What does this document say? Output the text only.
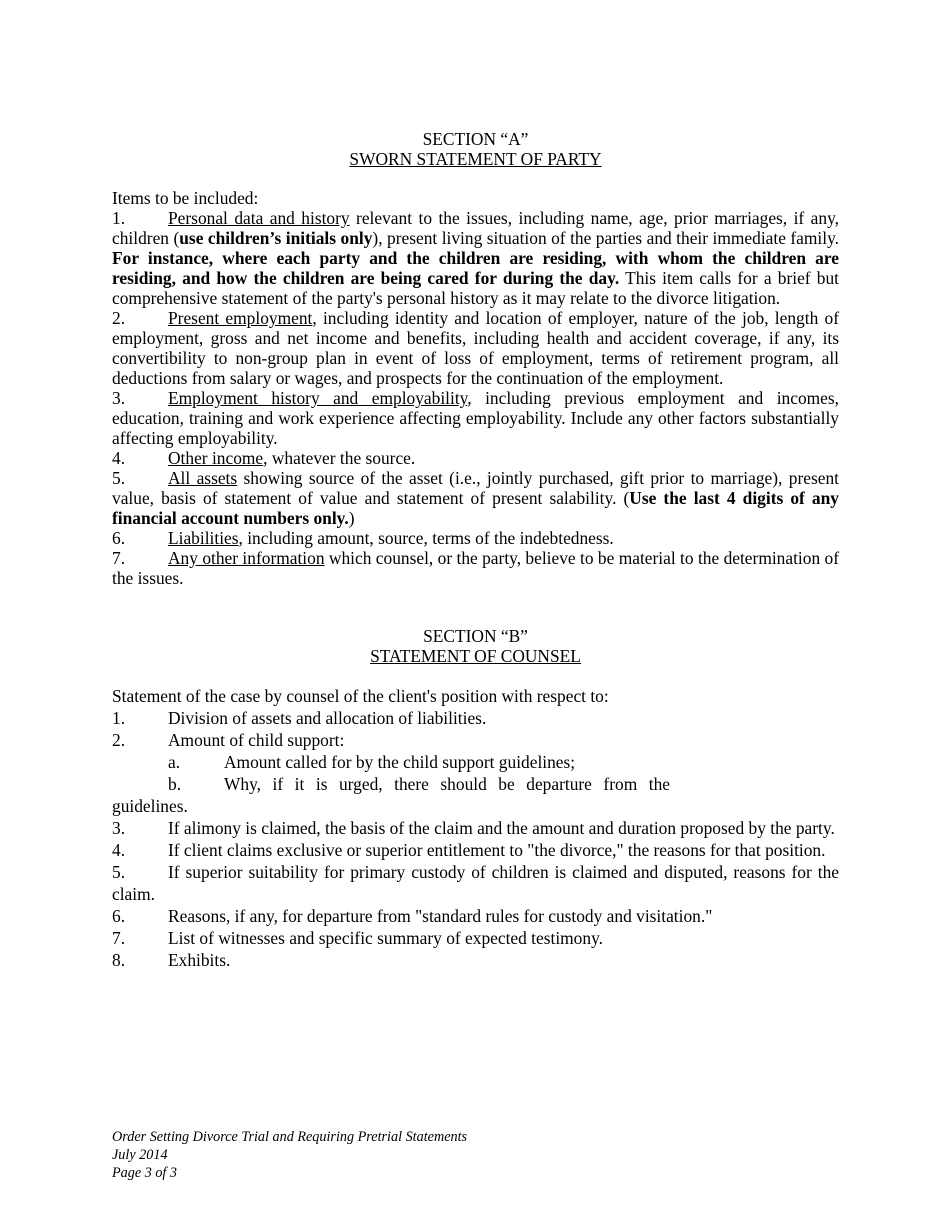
SECTION “A”
SWORN STATEMENT OF PARTY
Items to be included:
1. Personal data and history relevant to the issues, including name, age, prior marriages, if any, children (use children’s initials only), present living situation of the parties and their immediate family. For instance, where each party and the children are residing, with whom the children are residing, and how the children are being cared for during the day. This item calls for a brief but comprehensive statement of the party's personal history as it may relate to the divorce litigation.
2. Present employment, including identity and location of employer, nature of the job, length of employment, gross and net income and benefits, including health and accident coverage, if any, its convertibility to non-group plan in event of loss of employment, terms of retirement program, all deductions from salary or wages, and prospects for the continuation of the employment.
3. Employment history and employability, including previous employment and incomes, education, training and work experience affecting employability. Include any other factors substantially affecting employability.
4. Other income, whatever the source.
5. All assets showing source of the asset (i.e., jointly purchased, gift prior to marriage), present value, basis of statement of value and statement of present salability. (Use the last 4 digits of any financial account numbers only.)
6. Liabilities, including amount, source, terms of the indebtedness.
7. Any other information which counsel, or the party, believe to be material to the determination of the issues.
SECTION “B”
STATEMENT OF COUNSEL
Statement of the case by counsel of the client's position with respect to:
1. Division of assets and allocation of liabilities.
2. Amount of child support:
a.	Amount called for by the child support guidelines;
b. Why, if it is urged, there should be departure from the
guidelines.
3. If alimony is claimed, the basis of the claim and the amount and duration proposed by the party.
4. If client claims exclusive or superior entitlement to "the divorce," the reasons for that position.
5. If superior suitability for primary custody of children is claimed and disputed, reasons for the claim.
6. Reasons, if any, for departure from "standard rules for custody and visitation."
7. List of witnesses and specific summary of expected testimony.
8. Exhibits.
Order Setting Divorce Trial and Requiring Pretrial Statements
July 2014
Page 3 of 3
